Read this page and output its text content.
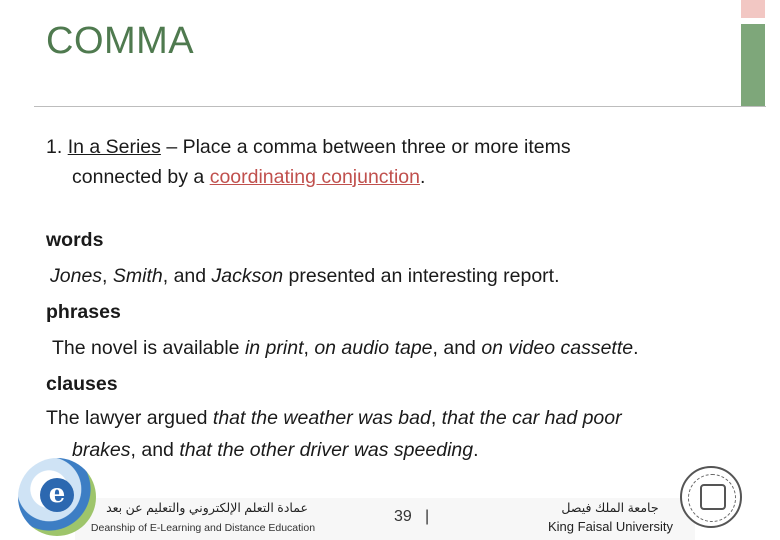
COMMA

1. In a Series – Place a comma between three or more items
connected by a coordinating conjunction.

words

Jones, Smith, and Jackson presented an interesting report.

phrases

The novel is available in print, on audio tape, and on video cassette.

clauses

The lawyer argued that the weather was bad, that the car had poor
brakes, and that the other driver was speeding.

e	عمادة التعلم الإلكتروني والتعليم عن بعد
Deanship of E-Learning and Distance Education
39 |	جامعة الملك فيصل
King Faisal University
